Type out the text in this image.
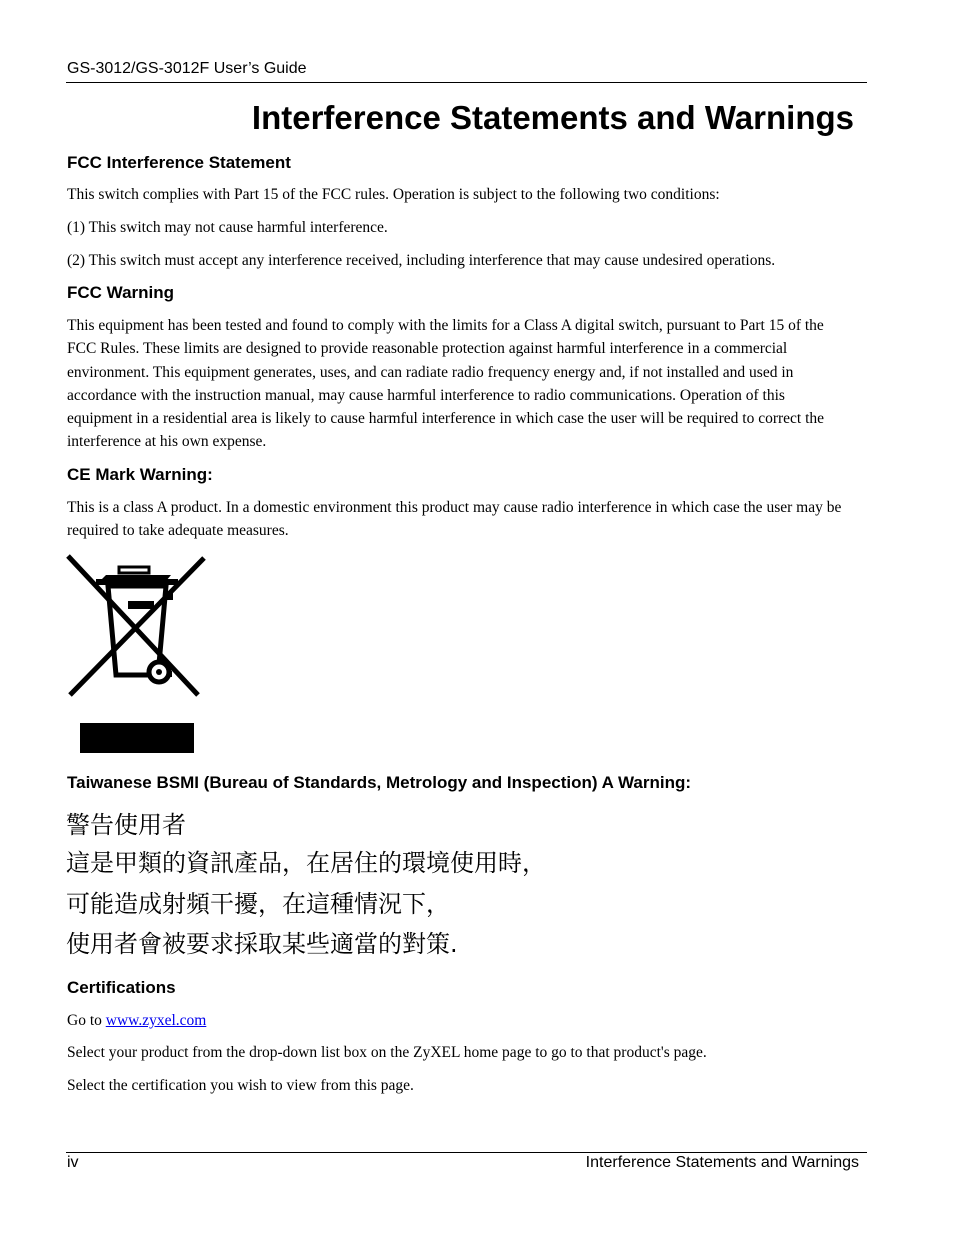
GS-3012/GS-3012F User’s Guide
Interference Statements and Warnings
FCC Interference Statement

This switch complies with Part 15 of the FCC rules. Operation is subject to the following two conditions:

(1) This switch may not cause harmful interference.

(2) This switch must accept any interference received, including interference that may cause undesired operations.

FCC Warning

This equipment has been tested and found to comply with the limits for a Class A digital switch, pursuant to Part 15 of the FCC Rules. These limits are designed to provide reasonable protection against harmful interference in a commercial environment. This equipment generates, uses, and can radiate radio frequency energy and, if not installed and used in accordance with the instruction manual, may cause harmful interference to radio communications. Operation of this equipment in a residential area is likely to cause harmful interference in which case the user will be required to correct the interference at his own expense.

CE Mark Warning:

This is a class A product. In a domestic environment this product may cause radio interference in which case the user may be required to take adequate measures.

Taiwanese BSMI (Bureau of Standards, Metrology and Inspection) A Warning:
警告使用者
這是甲類的資訊產品，在居住的環境使用時，
可能造成射頻干擾，在這種情況下，
使用者會被要求採取某些適當的對策.
Certifications

Go to www.zyxel.com

Select your product from the drop-down list box on the ZyXEL home page to go to that product's page.

Select the certification you wish to view from this page.

iv	Interference Statements and Warnings
